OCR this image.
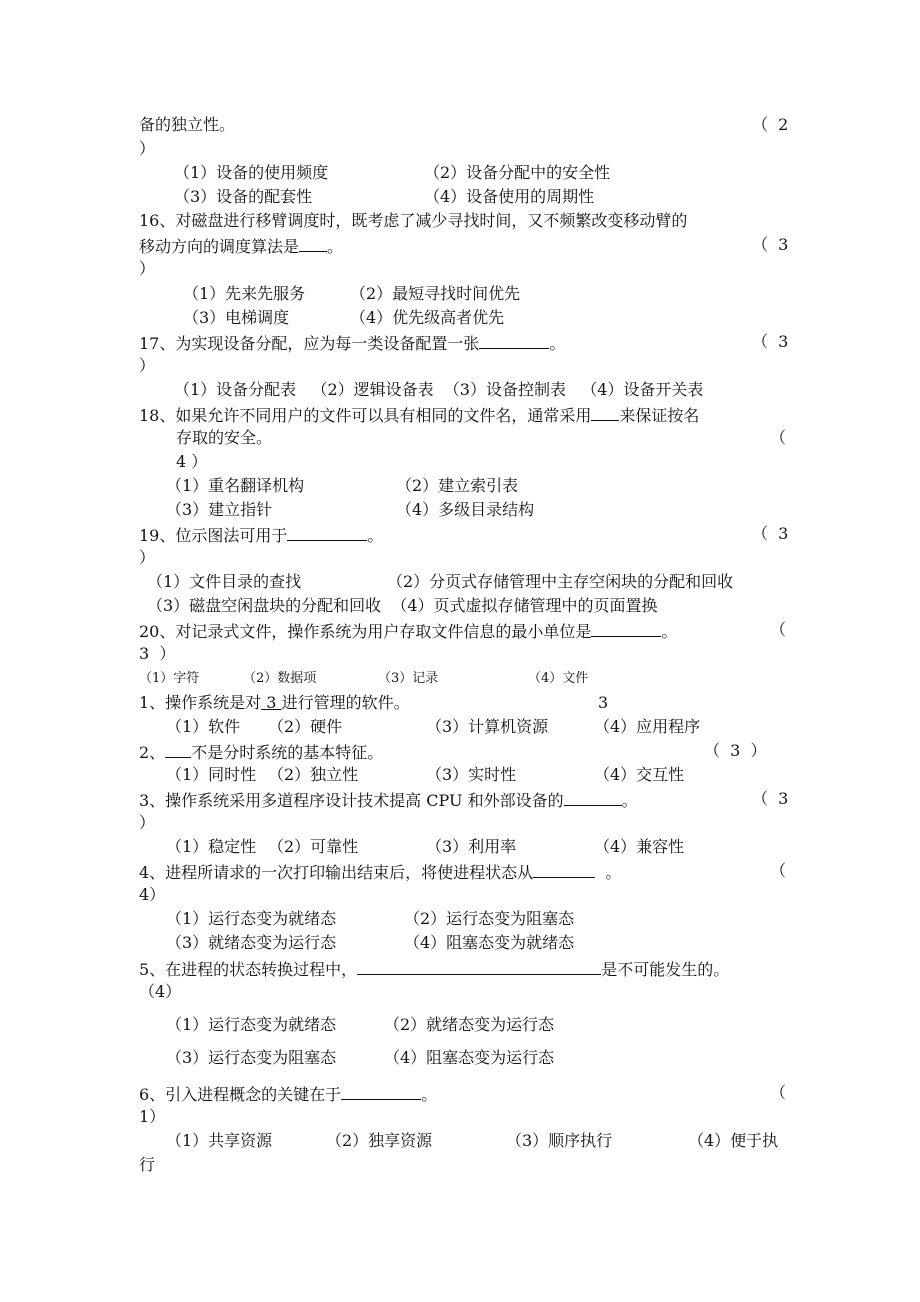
备的独立性。	（  2
）
（1）设备的使用频度	（2）设备分配中的安全性
（3）设备的配套性	（4）设备使用的周期性
16、对磁盘进行移臂调度时，既考虑了减少寻找时间，又不频繁改变移动臂的
移动方向的调度算法是 。	（  3
）
（1）先来先服务	（2）最短寻找时间优先
（3）电梯调度	（4）优先级高者优先
17、为实现设备分配，应为每一类设备配置一张	。	（  3
）
（1）设备分配表   （2）逻辑设备表  （3）设备控制表   （4）设备开关表
18、如果允许不同用户的文件可以具有相同的文件名，通常采用 来保证按名
存取的安全。	（
4 ）
（1）重名翻译机构	（2）建立索引表
（3）建立指针	（4）多级目录结构
19、位示图法可用于	。	（  3
）
（1）文件目录的查找	（2）分页式存储管理中主存空闲块的分配和回收
（3）磁盘空闲盘块的分配和回收  （4）页式虚拟存储管理中的页面置换
20、对记录式文件，操作系统为用户存取文件信息的最小单位是	。	（
3  ）
（1）字符	（2）数据项	（3）记录	（4）文件
1、操作系统是对 3 进行管理的软件。	3
（1）软件 （2）硬件	（3）计算机资源	（4）应用程序
2、 不是分时系统的基本特征。	（  3  ）
（1）同时性 （2）独立性	（3）实时性	（4）交互性
3、操作系统采用多道程序设计技术提高 CPU 和外部设备的	。	（  3
）
（1）稳定性 （2）可靠性	（3）利用率	（4）兼容性
4、进程所请求的一次打印输出结束后，将使进程状态从	。	（
4）
（1）运行态变为就绪态	（2）运行态变为阻塞态
（3）就绪态变为运行态	（4）阻塞态变为就绪态
5、在进程的状态转换过程中，	是不可能发生的。
（4）
（1）运行态变为就绪态	（2）就绪态变为运行态
（3）运行态变为阻塞态	（4）阻塞态变为运行态
6、引入进程概念的关键在于	。	（
1）
（1）共享资源	（2）独享资源	（3）顺序执行	（4）便于执
行
